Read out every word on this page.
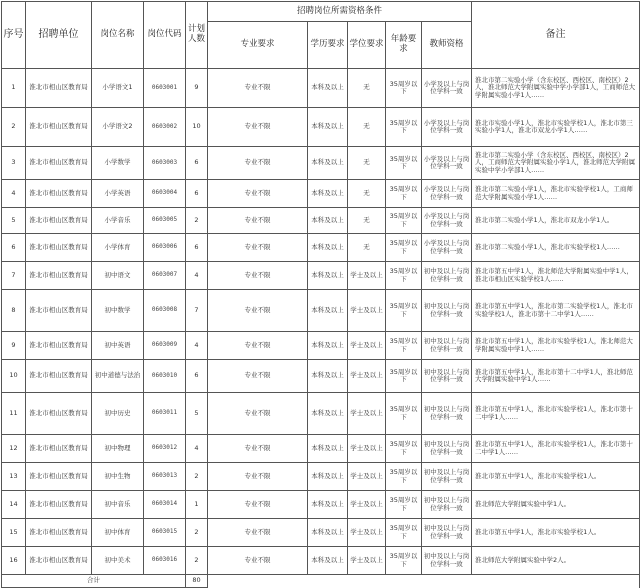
序号	招聘单位	岗位名称	岗位代码	计划人数	招聘岗位所需资格条件					备注
					专业要求	学历要求	学位要求	年龄要求	教师资格	
1	淮北市相山区教育局	小学语文1	0603001	9	专业不限	本科及以上	无	35周岁以下	小学及以上与岗位学科一致	淮北市第二实验小学（含东校区、西校区、南校区）2人，淮北师范大学附属实验中学小学部1人，工商师范大学附属实验小学1人……
2	淮北市相山区教育局	小学语文2	0603002	10	专业不限	本科及以上	无	35周岁以下	小学及以上与岗位学科一致	淮北市实验小学1人，淮北市实验学校1人，淮北市第三实验小学1人，淮北市双龙小学1人……
3	淮北市相山区教育局	小学数学	0603003	6	专业不限	本科及以上	无	35周岁以下	小学及以上与岗位学科一致	淮北市第二实验小学（含东校区、西校区、南校区）2人，工商师范大学附属实验小学1人，淮北师范大学附属实验中学小学部1人……
4	淮北市相山区教育局	小学英语	0603004	6	专业不限	本科及以上	无	35周岁以下	小学及以上与岗位学科一致	淮北市第二实验小学1人，淮北市实验学校1人，工商师范大学附属实验小学1人……
5	淮北市相山区教育局	小学音乐	0603005	2	专业不限	本科及以上	无	35周岁以下	小学及以上与岗位学科一致	淮北市第二实验小学1人，淮北市双龙小学1人。
6	淮北市相山区教育局	小学体育	0603006	6	专业不限	本科及以上	无	35周岁以下	小学及以上与岗位学科一致	淮北市第二实验小学1人，淮北市实验学校1人……
7	淮北市相山区教育局	初中语文	0603007	4	专业不限	本科及以上	学士及以上	35周岁以下	初中及以上与岗位学科一致	淮北市第五中学1人，淮北师范大学附属实验中学1人，淮北市相山区实验学校1人……
8	淮北市相山区教育局	初中数学	0603008	7	专业不限	本科及以上	学士及以上	35周岁以下	初中及以上与岗位学科一致	淮北市第五中学1人，淮北市第二实验学校1人，淮北市实验学校1人，淮北市第十二中学1人……
9	淮北市相山区教育局	初中英语	0603009	4	专业不限	本科及以上	学士及以上	35周岁以下	初中及以上与岗位学科一致	淮北市第五中学1人，淮北市实验学校1人，淮北师范大学附属实验中学1人……
10	淮北市相山区教育局	初中道德与法治	0603010	6	专业不限	本科及以上	学士及以上	35周岁以下	初中及以上与岗位学科一致	淮北市第五中学1人，淮北市第十二中学1人，淮北师范大学附属实验中学1人……
11	淮北市相山区教育局	初中历史	0603011	5	专业不限	本科及以上	学士及以上	35周岁以下	初中及以上与岗位学科一致	淮北市第五中学1人，淮北市实验学校1人，淮北市第十二中学1人……
12	淮北市相山区教育局	初中物理	0603012	4	专业不限	本科及以上	学士及以上	35周岁以下	初中及以上与岗位学科一致	淮北市第五中学1人，淮北市实验学校1人，淮北市第十二中学1人……
13	淮北市相山区教育局	初中生物	0603013	2	专业不限	本科及以上	学士及以上	35周岁以下	初中及以上与岗位学科一致	淮北市第五中学1人，淮北市实验学校1人。
14	淮北市相山区教育局	初中音乐	0603014	1	专业不限	本科及以上	学士及以上	35周岁以下	初中及以上与岗位学科一致	淮北师范大学附属实验中学1人。
15	淮北市相山区教育局	初中体育	0603015	2	专业不限	本科及以上	学士及以上	35周岁以下	初中及以上与岗位学科一致	淮北市第五中学1人，淮北市实验学校1人。
16	淮北市相山区教育局	初中美术	0603016	2	专业不限	本科及以上	学士及以上	35周岁以下	初中及以上与岗位学科一致	淮北师范大学附属实验中学2人。
合计				80						
